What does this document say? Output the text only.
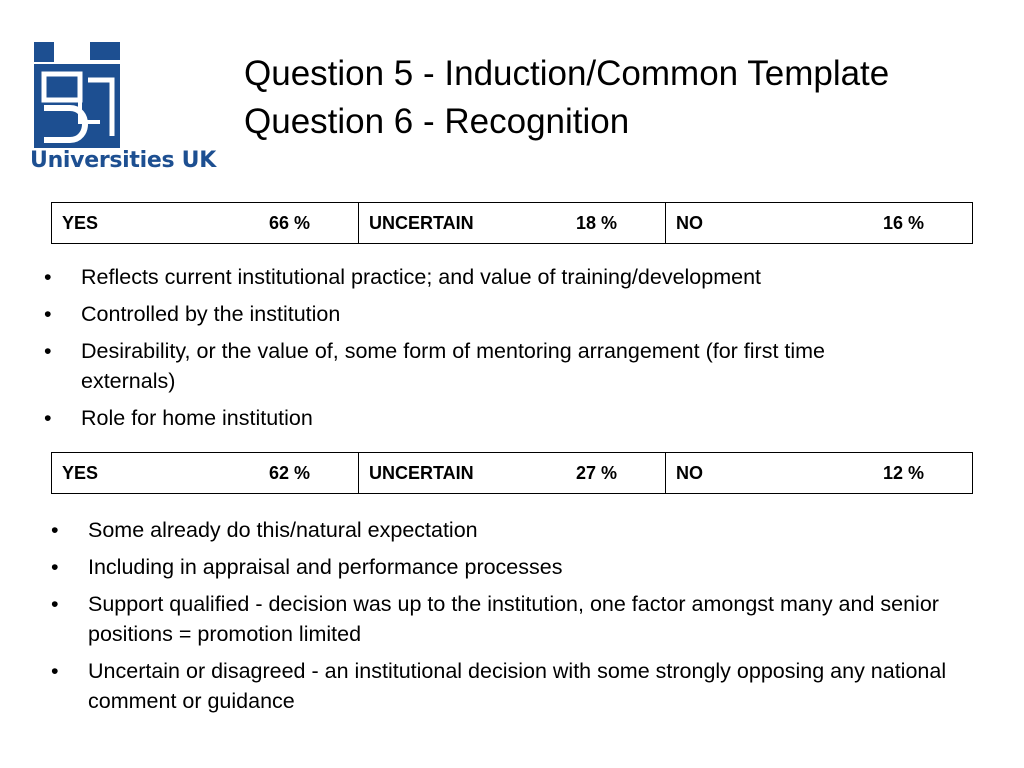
Universities UK
Question 5 - Induction/Common Template
Question 6 - Recognition
YES	66 %	UNCERTAIN	18 %	NO	16 %
• Reflects current institutional practice; and value of training/development
• Controlled by the institution
• Desirability, or the value of, some form of mentoring arrangement (for first time externals)
• Role for home institution
YES	62 %	UNCERTAIN	27 %	NO	12 %
• Some already do this/natural expectation
• Including in appraisal and performance processes
• Support qualified - decision was up to the institution, one factor amongst many and senior positions = promotion limited
• Uncertain or disagreed - an institutional decision with some strongly opposing any national comment or guidance
